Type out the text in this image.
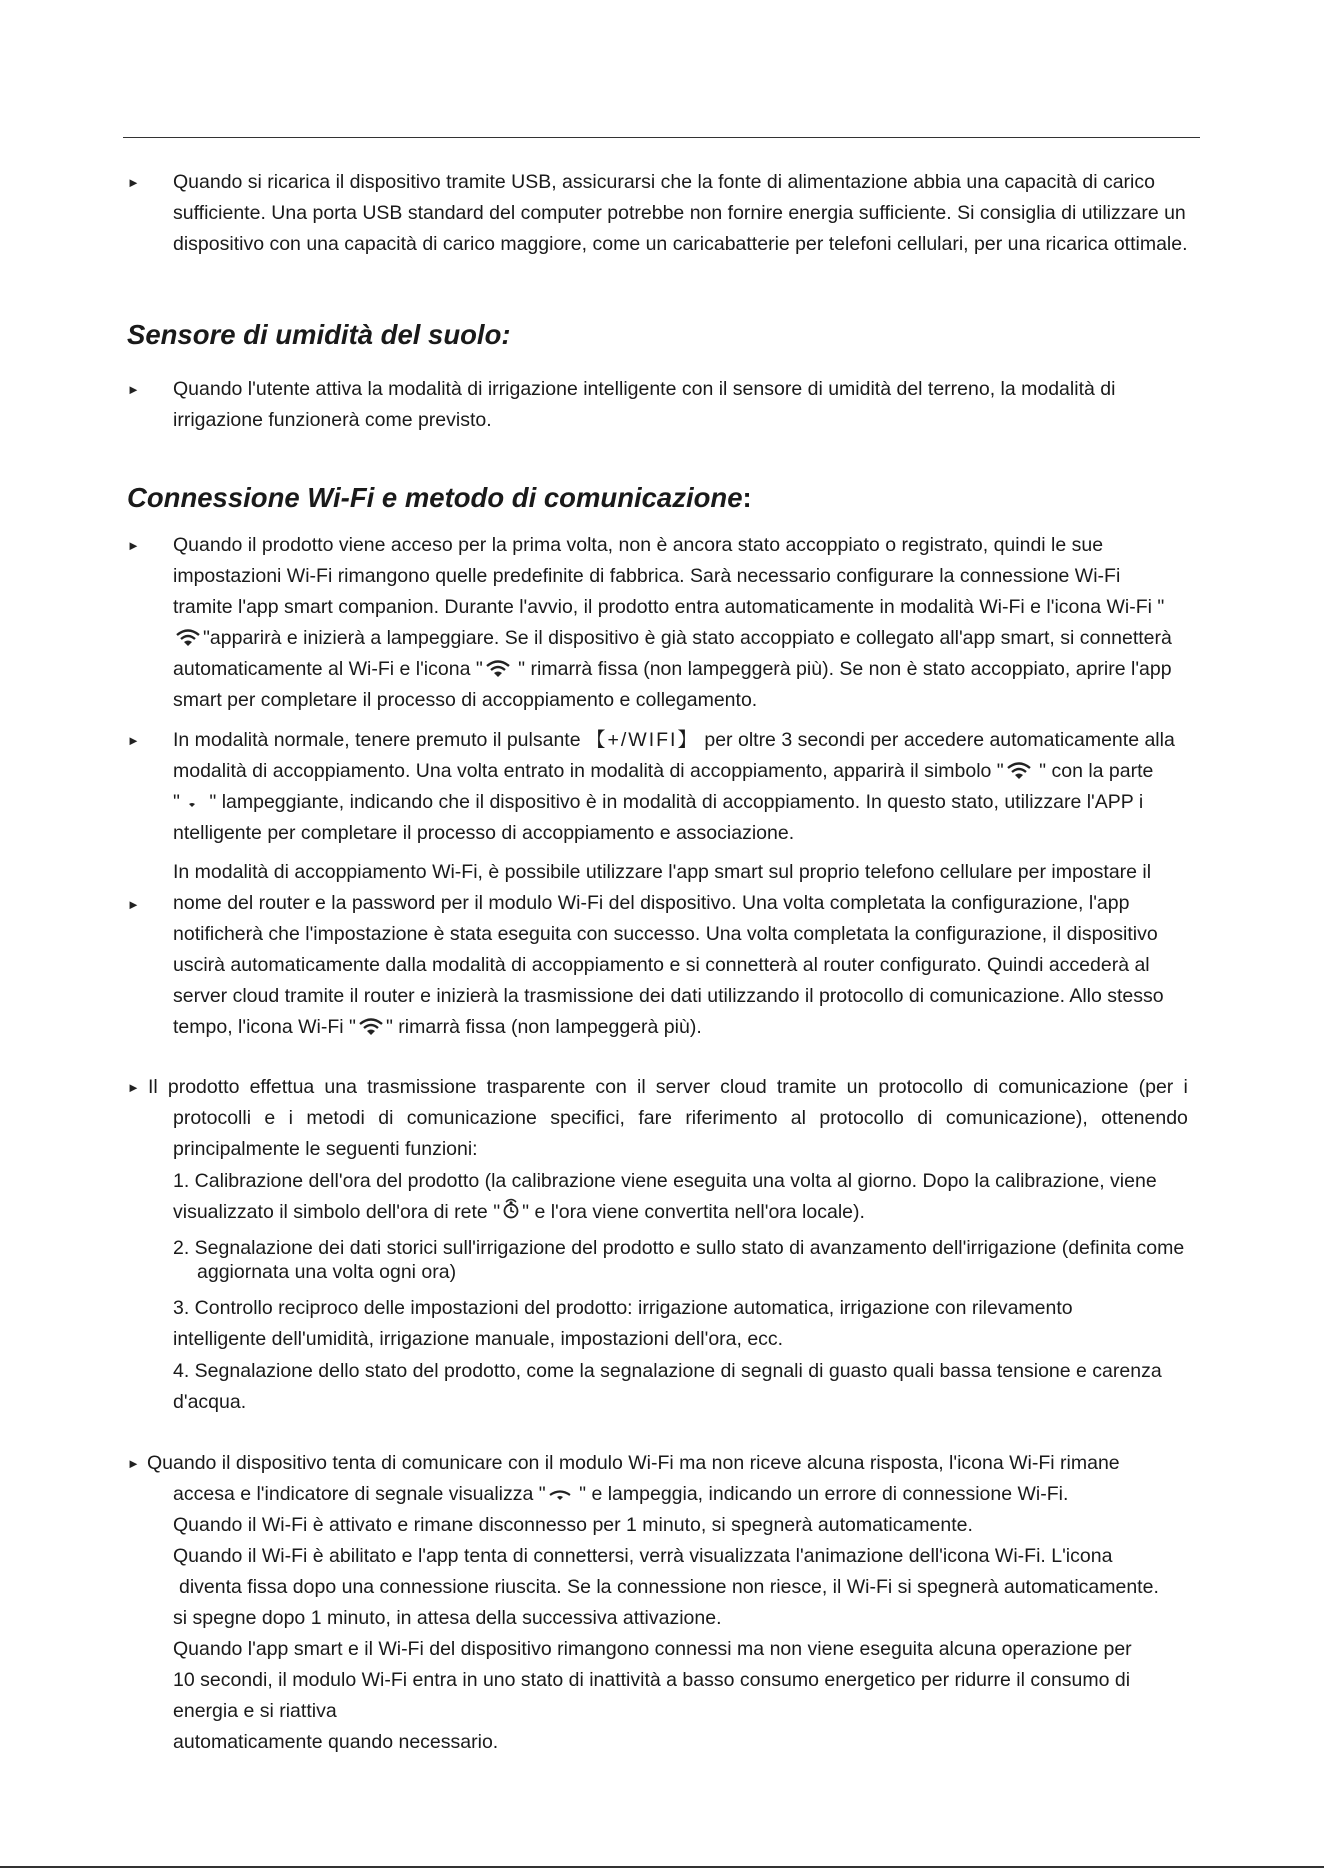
► Quando si ricarica il dispositivo tramite USB, assicurarsi che la fonte di alimentazione abbia una capacità di carico
sufficiente. Una porta USB standard del computer potrebbe non fornire energia sufficiente. Si consiglia di utilizzare un
dispositivo con una capacità di carico maggiore, come un caricabatterie per telefoni cellulari, per una ricarica ottimale.
Sensore di umidità del suolo:
► Quando l'utente attiva la modalità di irrigazione intelligente con il sensore di umidità del terreno, la modalità di
irrigazione funzionerà come previsto.
Connessione Wi-Fi e metodo di comunicazione:
► Quando il prodotto viene acceso per la prima volta, non è ancora stato accoppiato o registrato, quindi le sue
impostazioni Wi-Fi rimangono quelle predefinite di fabbrica. Sarà necessario configurare la connessione Wi-Fi
tramite l'app smart companion. Durante l'avvio, il prodotto entra automaticamente in modalità Wi-Fi e l'icona Wi-Fi "
"apparirà e inizierà a lampeggiare. Se il dispositivo è già stato accoppiato e collegato all'app smart, si connetterà
automaticamente al Wi-Fi e l'icona " " rimarrà fissa (non lampeggerà più). Se non è stato accoppiato, aprire l'app
smart per completare il processo di accoppiamento e collegamento.
► In modalità normale, tenere premuto il pulsante 【+/WIFI】 per oltre 3 secondi per accedere automaticamente alla
modalità di accoppiamento. Una volta entrato in modalità di accoppiamento, apparirà il simbolo " " con la parte
" " lampeggiante, indicando che il dispositivo è in modalità di accoppiamento. In questo stato, utilizzare l'APP i
ntelligente per completare il processo di accoppiamento e associazione.
►
In modalità di accoppiamento Wi-Fi, è possibile utilizzare l'app smart sul proprio telefono cellulare per impostare il
nome del router e la password per il modulo Wi-Fi del dispositivo. Una volta completata la configurazione, l'app
notificherà che l'impostazione è stata eseguita con successo. Una volta completata la configurazione, il dispositivo
uscirà automaticamente dalla modalità di accoppiamento e si connetterà al router configurato. Quindi accederà al
server cloud tramite il router e inizierà la trasmissione dei dati utilizzando il protocollo di comunicazione. Allo stesso
tempo, l'icona Wi-Fi " " rimarrà fissa (non lampeggerà più).
► Il prodotto effettua una trasmissione trasparente con il server cloud tramite un protocollo di comunicazione (per i
protocolli e i metodi di comunicazione specifici, fare riferimento al protocollo di comunicazione), ottenendo
principalmente le seguenti funzioni:
1. Calibrazione dell'ora del prodotto (la calibrazione viene eseguita una volta al giorno. Dopo la calibrazione, viene
visualizzato il simbolo dell'ora di rete " " e l'ora viene convertita nell'ora locale).
2. Segnalazione dei dati storici sull'irrigazione del prodotto e sullo stato di avanzamento dell'irrigazione (definita come
aggiornata una volta ogni ora)
3. Controllo reciproco delle impostazioni del prodotto: irrigazione automatica, irrigazione con rilevamento
intelligente dell'umidità, irrigazione manuale, impostazioni dell'ora, ecc.
4. Segnalazione dello stato del prodotto, come la segnalazione di segnali di guasto quali bassa tensione e carenza
d'acqua.
► Quando il dispositivo tenta di comunicare con il modulo Wi-Fi ma non riceve alcuna risposta, l'icona Wi-Fi rimane
accesa e l'indicatore di segnale visualizza " " e lampeggia, indicando un errore di connessione Wi-Fi.
Quando il Wi-Fi è attivato e rimane disconnesso per 1 minuto, si spegnerà automaticamente.
Quando il Wi-Fi è abilitato e l'app tenta di connettersi, verrà visualizzata l'animazione dell'icona Wi-Fi. L'icona
diventa fissa dopo una connessione riuscita. Se la connessione non riesce, il Wi-Fi si spegnerà automaticamente.
si spegne dopo 1 minuto, in attesa della successiva attivazione.
Quando l'app smart e il Wi-Fi del dispositivo rimangono connessi ma non viene eseguita alcuna operazione per
10 secondi, il modulo Wi-Fi entra in uno stato di inattività a basso consumo energetico per ridurre il consumo di
energia e si riattiva
automaticamente quando necessario.
